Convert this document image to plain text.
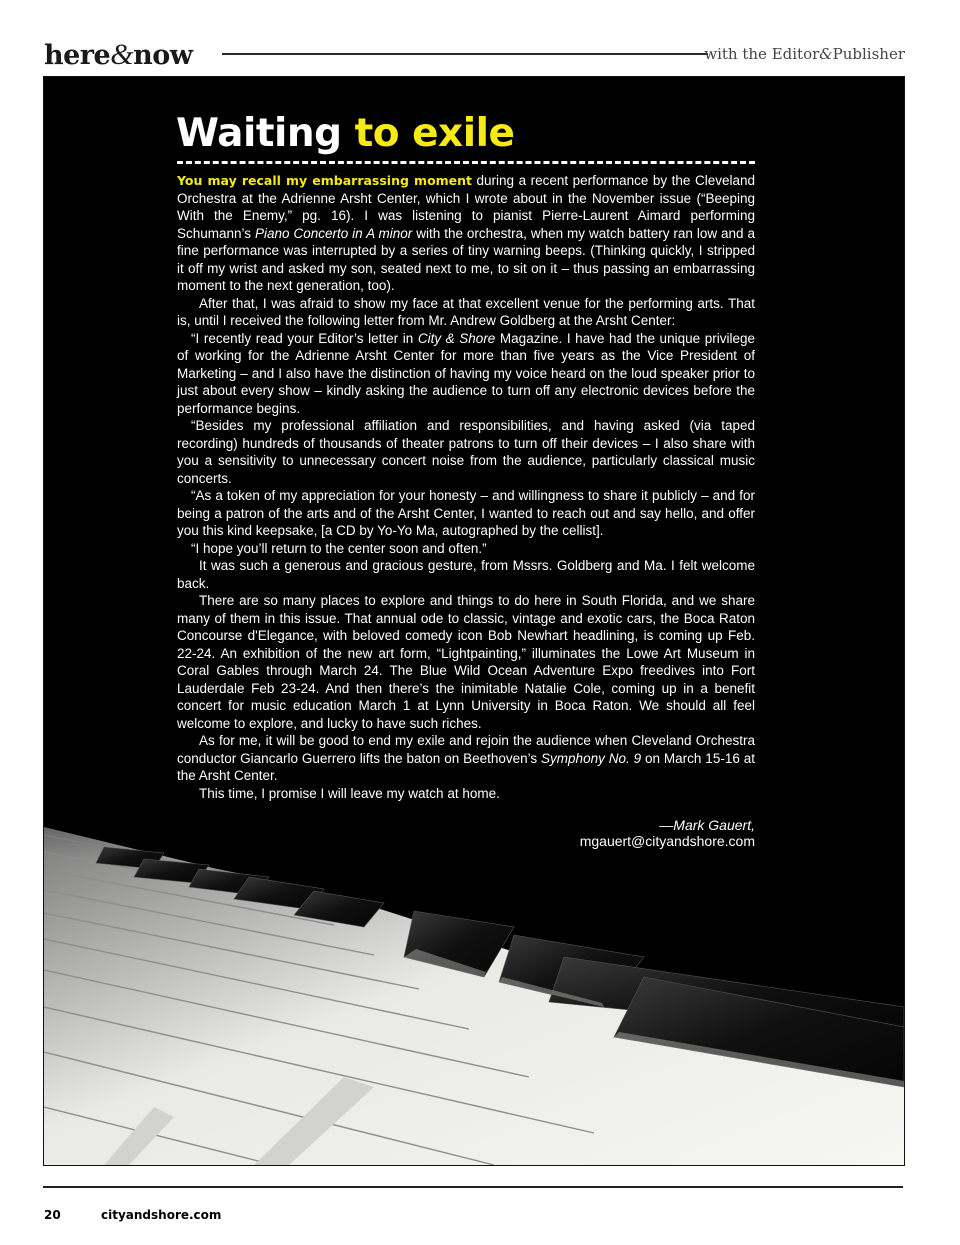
here&now	with the Editor&Publisher
Waiting to exile

You may recall my embarrassing moment during a recent performance by the Cleveland Orchestra at the Adrienne Arsht Center, which I wrote about in the November issue (“Beeping With the Enemy,” pg. 16). I was listening to pianist Pierre-Laurent Aimard performing Schumann’s Piano Concerto in A minor with the orchestra, when my watch battery ran low and a fine performance was interrupted by a series of tiny warning beeps. (Thinking quickly, I stripped it off my wrist and asked my son, seated next to me, to sit on it – thus passing an embarrassing moment to the next generation, too).

After that, I was afraid to show my face at that excellent venue for the performing arts. That is, until I received the following letter from Mr. Andrew Goldberg at the Arsht Center:

“I recently read your Editor’s letter in City & Shore Magazine. I have had the unique privilege of working for the Adrienne Arsht Center for more than five years as the Vice President of Marketing – and I also have the distinction of having my voice heard on the loud speaker prior to just about every show – kindly asking the audience to turn off any electronic devices before the performance begins.

“Besides my professional affiliation and responsibilities, and having asked (via taped recording) hundreds of thousands of theater patrons to turn off their devices – I also share with you a sensitivity to unnecessary concert noise from the audience, particularly classical music concerts.

“As a token of my appreciation for your honesty – and willingness to share it publicly – and for being a patron of the arts and of the Arsht Center, I wanted to reach out and say hello, and offer you this kind keepsake, [a CD by Yo-Yo Ma, autographed by the cellist].

“I hope you’ll return to the center soon and often.”

It was such a generous and gracious gesture, from Mssrs. Goldberg and Ma. I felt welcome back.

There are so many places to explore and things to do here in South Florida, and we share many of them in this issue. That annual ode to classic, vintage and exotic cars, the Boca Raton Concourse d'Elegance, with beloved comedy icon Bob Newhart headlining, is coming up Feb. 22-24. An exhibition of the new art form, “Lightpainting,” illuminates the Lowe Art Museum in Coral Gables through March 24. The Blue Wild Ocean Adventure Expo freedives into Fort Lauderdale Feb 23-24. And then there’s the inimitable Natalie Cole, coming up in a benefit concert for music education March 1 at Lynn University in Boca Raton. We should all feel welcome to explore, and lucky to have such riches.

As for me, it will be good to end my exile and rejoin the audience when Cleveland Orchestra conductor Giancarlo Guerrero lifts the baton on Beethoven’s Symphony No. 9 on March 15-16 at the Arsht Center.

This time, I promise I will leave my watch at home.

—Mark Gauert,
mgauert@cityandshore.com
20	cityandshore.com
